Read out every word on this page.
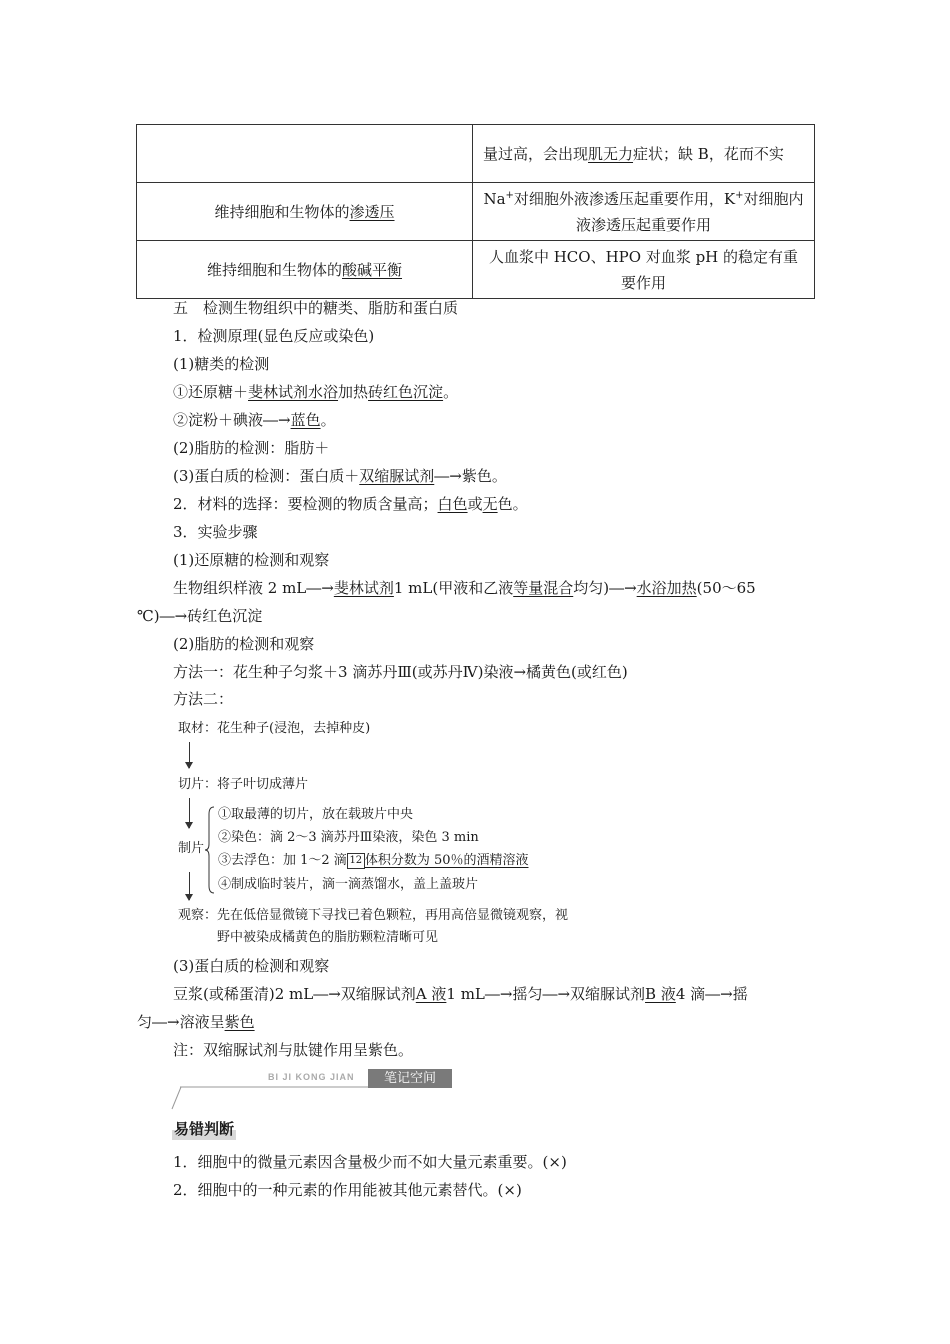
	量过高，会出现肌无力症状；缺 B，花而不实
维持细胞和生物体的渗透压	Na+对细胞外液渗透压起重要作用，K+对细胞内液渗透压起重要作用
维持细胞和生物体的酸碱平衡	人血浆中 HCO、HPO 对血浆 pH 的稳定有重要作用
五　检测生物组织中的糖类、脂肪和蛋白质
1．检测原理(显色反应或染色)
(1)糖类的检测
①还原糖＋斐林试剂水浴加热砖红色沉淀。
②淀粉＋碘液―→蓝色。
(2)脂肪的检测：脂肪＋
(3)蛋白质的检测：蛋白质＋双缩脲试剂―→紫色。
2．材料的选择：要检测的物质含量高；白色或无色。
3．实验步骤
(1)还原糖的检测和观察
生物组织样液 2 mL―→斐林试剂1 mL(甲液和乙液等量混合均匀)―→水浴加热(50～65
℃)―→砖红色沉淀
(2)脂肪的检测和观察
方法一：花生种子匀浆＋3 滴苏丹Ⅲ(或苏丹Ⅳ)染液→橘黄色(或红色)
方法二：
取材：花生种子(浸泡，去掉种皮)
切片：将子叶切成薄片
制片
①取最薄的切片，放在载玻片中央
②染色：滴 2～3 滴苏丹Ⅲ染液，染色 3 min
③去浮色：加 1～2 滴 12 体积分数为 50％的酒精溶液
④制成临时装片，滴一滴蒸馏水，盖上盖玻片
观察：先在低倍显微镜下寻找已着色颗粒，再用高倍显微镜观察，视
野中被染成橘黄色的脂肪颗粒清晰可见
(3)蛋白质的检测和观察
豆浆(或稀蛋清)2 mL―→双缩脲试剂A 液1 mL―→摇匀―→双缩脲试剂B 液4 滴―→摇
匀―→溶液呈紫色
注：双缩脲试剂与肽键作用呈紫色。
BI JI KONG JIAN	笔记空间
易错判断
1．细胞中的微量元素因含量极少而不如大量元素重要。(×)
2．细胞中的一种元素的作用能被其他元素替代。(×)
